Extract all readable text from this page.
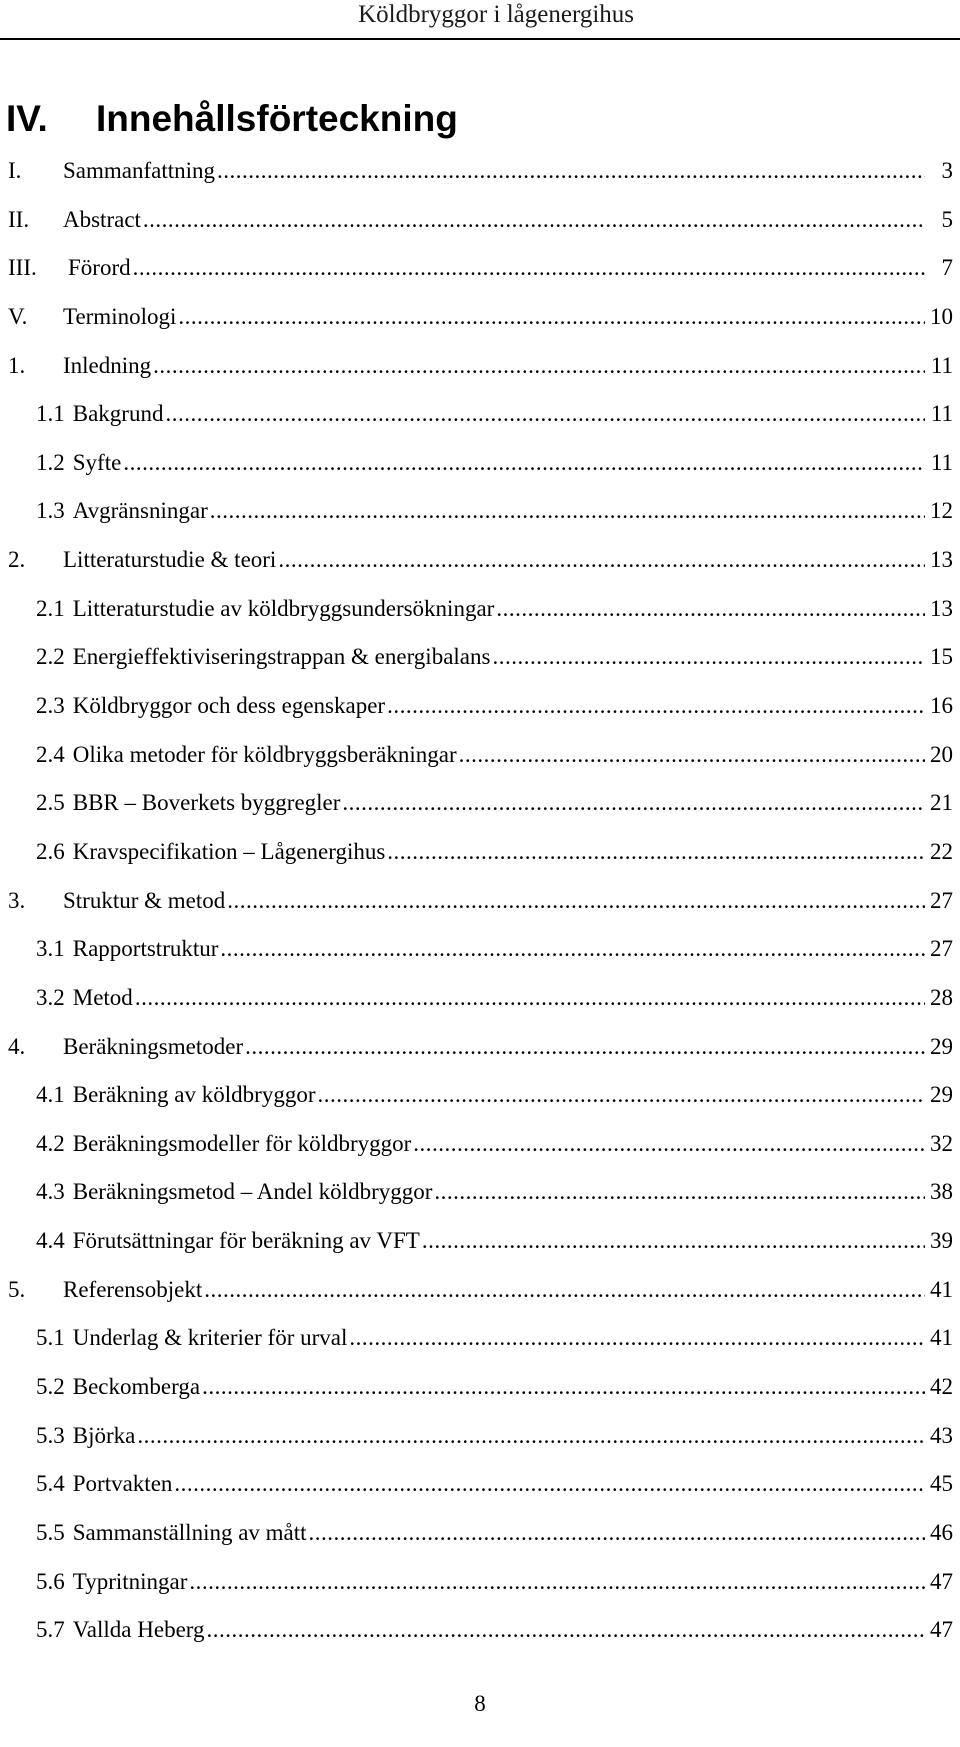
Köldbryggor i lågenergihus
IV. Innehållsförteckning
I.	Sammanfattning .....	3
II.	Abstract .....	5
III.	Förord .....	7
V.	Terminologi .....	10
1.	Inledning .....	11
1.1 Bakgrund .....	11
1.2 Syfte .....	11
1.3 Avgränsningar .....	12
2.	Litteraturstudie & teori .....	13
2.1 Litteraturstudie av köldbryggsundersökningar .....	13
2.2 Energieffektiviseringstrappan & energibalans .....	15
2.3 Köldbryggor och dess egenskaper .....	16
2.4 Olika metoder för köldbryggsberäkningar .....	20
2.5 BBR – Boverkets byggregler .....	21
2.6 Kravspecifikation – Lågenergihus .....	22
3.	Struktur & metod .....	27
3.1 Rapportstruktur .....	27
3.2 Metod .....	28
4.	Beräkningsmetoder .....	29
4.1 Beräkning av köldbryggor .....	29
4.2 Beräkningsmodeller för köldbryggor .....	32
4.3 Beräkningsmetod – Andel köldbryggor .....	38
4.4 Förutsättningar för beräkning av VFT .....	39
5.	Referensobjekt .....	41
5.1 Underlag & kriterier för urval .....	41
5.2 Beckomberga .....	42
5.3 Björka .....	43
5.4 Portvakten .....	45
5.5 Sammanställning av mått .....	46
5.6 Typritningar .....	47
5.7 Vallda Heberg .....	47
8
